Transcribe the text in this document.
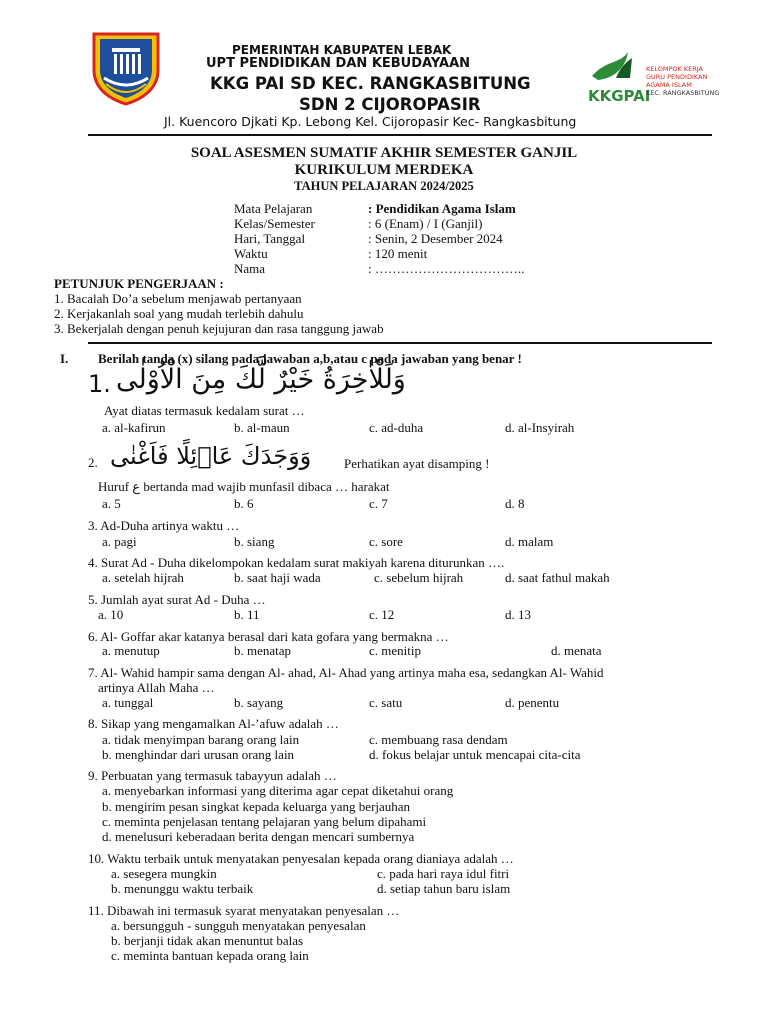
KKGPAI
KELOMPOK KERJA
GURU PENDIDIKAN
AGAMA ISLAM
KEC. RANGKASBITUNG
PEMERINTAH KABUPATEN LEBAK
UPT PENDIDIKAN DAN KEBUDAYAAN
KKG PAI SD KEC. RANGKASBITUNG
SDN 2 CIJOROPASIR
Jl. Kuencoro Djkati Kp. Lebong Kel. Cijoropasir Kec- Rangkasbitung
SOAL ASESMEN SUMATIF AKHIR SEMESTER GANJIL
KURIKULUM MERDEKA
TAHUN PELAJARAN 2024/2025
Mata Pelajaran	: Pendidikan Agama Islam
Kelas/Semester	: 6 (Enam) / I (Ganjil)
Hari, Tanggal	: Senin, 2 Desember 2024
Waktu	: 120 menit
Nama	: ……………………………..
PETUNJUK PENGERJAAN :
1. Bacalah Do’a sebelum menjawab pertanyaan
2. Kerjakanlah soal yang mudah terlebih dahulu
3. Bekerjalah dengan penuh kejujuran dan rasa tanggung jawab
I. Berilah tanda (x) silang pada jawaban a,b,atau c pada jawaban yang benar !
1. وَلَلْاٰخِرَةُ خَيْرٌ لَّكَ مِنَ الْاُوْلٰى
Ayat diatas termasuk kedalam surat …
a. al-kafirun	b. al-maun	c. ad-duha	d. al-Insyirah
2. وَوَجَدَكَ عَاۤئِلًا فَاَغْنٰى	Perhatikan ayat disamping !
Huruf ع bertanda mad wajib munfasil dibaca … harakat
a. 5	b. 6	c. 7	d. 8
3. Ad-Duha artinya waktu …
a. pagi	b. siang	c. sore	d. malam
4. Surat Ad - Duha dikelompokan kedalam surat makiyah karena diturunkan ….
a. setelah hijrah	b. saat haji wada	c. sebelum hijrah	d. saat fathul makah
5. Jumlah ayat surat Ad - Duha …
a. 10	b. 11	c. 12	d. 13
6. Al- Goffar akar katanya berasal dari kata gofara yang bermakna …
a. menutup	b. menatap	c. menitip	d. menata
7. Al- Wahid hampir sama dengan Al- ahad, Al- Ahad yang artinya maha esa, sedangkan Al- Wahid
artinya Allah Maha …
a. tunggal	b. sayang	c. satu	d. penentu
8. Sikap yang mengamalkan Al-’afuw adalah …
a. tidak menyimpan barang orang lain	c. membuang rasa dendam
b. menghindar dari urusan orang lain	d. fokus belajar untuk mencapai cita-cita
9. Perbuatan yang termasuk tabayyun adalah …
a. menyebarkan informasi yang diterima agar cepat diketahui orang
b. mengirim pesan singkat kepada keluarga yang berjauhan
c. meminta penjelasan tentang pelajaran yang belum dipahami
d. menelusuri keberadaan berita dengan mencari sumbernya
10. Waktu terbaik untuk menyatakan penyesalan kepada orang dianiaya adalah …
a. sesegera mungkin	c. pada hari raya idul fitri
b. menunggu waktu terbaik	d. setiap tahun baru islam
11. Dibawah ini termasuk syarat menyatakan penyesalan …
a. bersungguh - sungguh menyatakan penyesalan
b. berjanji tidak akan menuntut balas
c. meminta bantuan kepada orang lain
